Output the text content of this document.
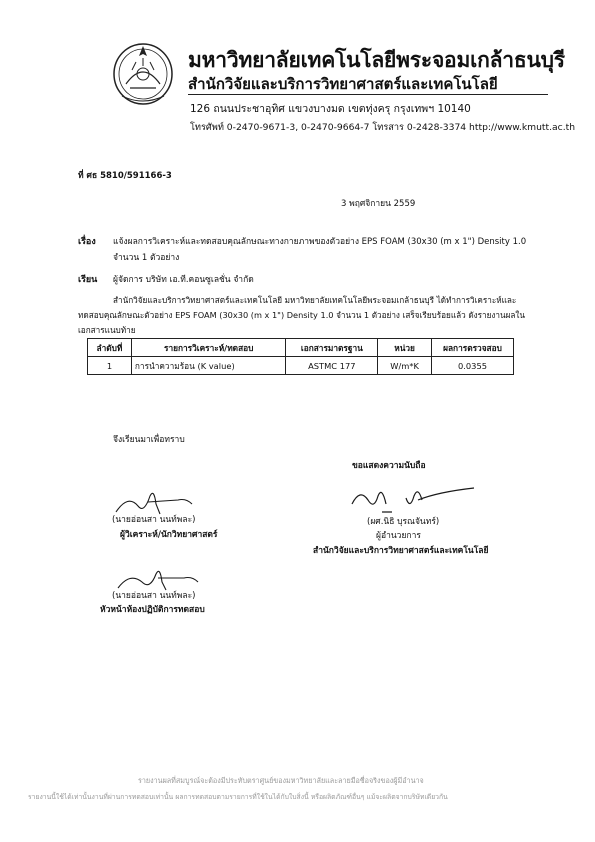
มหาวิทยาลัยเทคโนโลยีพระจอมเกล้าธนบุรี
สำนักวิจัยและบริการวิทยาศาสตร์และเทคโนโลยี
126 ถนนประชาอุทิศ แขวงบางมด เขตทุ่งครุ กรุงเทพฯ 10140
โทรศัพท์ 0-2470-9671-3, 0-2470-9664-7 โทรสาร 0-2428-3374 http://www.kmutt.ac.th
ที่ ศธ 5810/591166-3
3 พฤศจิกายน 2559
เรื่อง แจ้งผลการวิเคราะห์และทดสอบคุณลักษณะทางกายภาพของตัวอย่าง EPS FOAM (30x30 (m x 1") Density 1.0
จำนวน 1 ตัวอย่าง
เรียน ผู้จัดการ บริษัท เอ.ที.คอนซูเลชั่น จำกัด
สำนักวิจัยและบริการวิทยาศาสตร์และเทคโนโลยี มหาวิทยาลัยเทคโนโลยีพระจอมเกล้าธนบุรี ได้ทำการวิเคราะห์และ
ทดสอบคุณลักษณะตัวอย่าง EPS FOAM (30x30 (m x 1") Density 1.0 จำนวน 1 ตัวอย่าง เสร็จเรียบร้อยแล้ว ดังรายงานผลใน
เอกสารแนบท้าย
ลำดับที่	รายการวิเคราะห์/ทดสอบ	เอกสารมาตรฐาน	หน่วย	ผลการตรวจสอบ
1	การนำความร้อน (K value)	ASTMC 177	W/m*K	0.0355
จึงเรียนมาเพื่อทราบ
ขอแสดงความนับถือ
(นายอ่อนสา นนท์พละ)
ผู้วิเคราะห์/นักวิทยาศาสตร์
(ผศ.นิธิ บุรณจันทร์)
ผู้อำนวยการ
สำนักวิจัยและบริการวิทยาศาสตร์และเทคโนโลยี
(นายอ่อนสา นนท์พละ)
หัวหน้าห้องปฏิบัติการทดสอบ
รายงานผลที่สมบูรณ์จะต้องมีประทับตราศูนย์ของมหาวิทยาลัยและลายมือชื่อจริงของผู้มีอำนาจ
รายงานนี้ใช้ได้เท่านั้นงานที่ผ่านการทดสอบเท่านั้น ผลการทดสอบตามรายการที่ใช้ในได้กับใบสิ่งนี้ หรือผลิตภัณฑ์อื่นๆ แม้จะผลิตจากบริษัทเดียวกัน
